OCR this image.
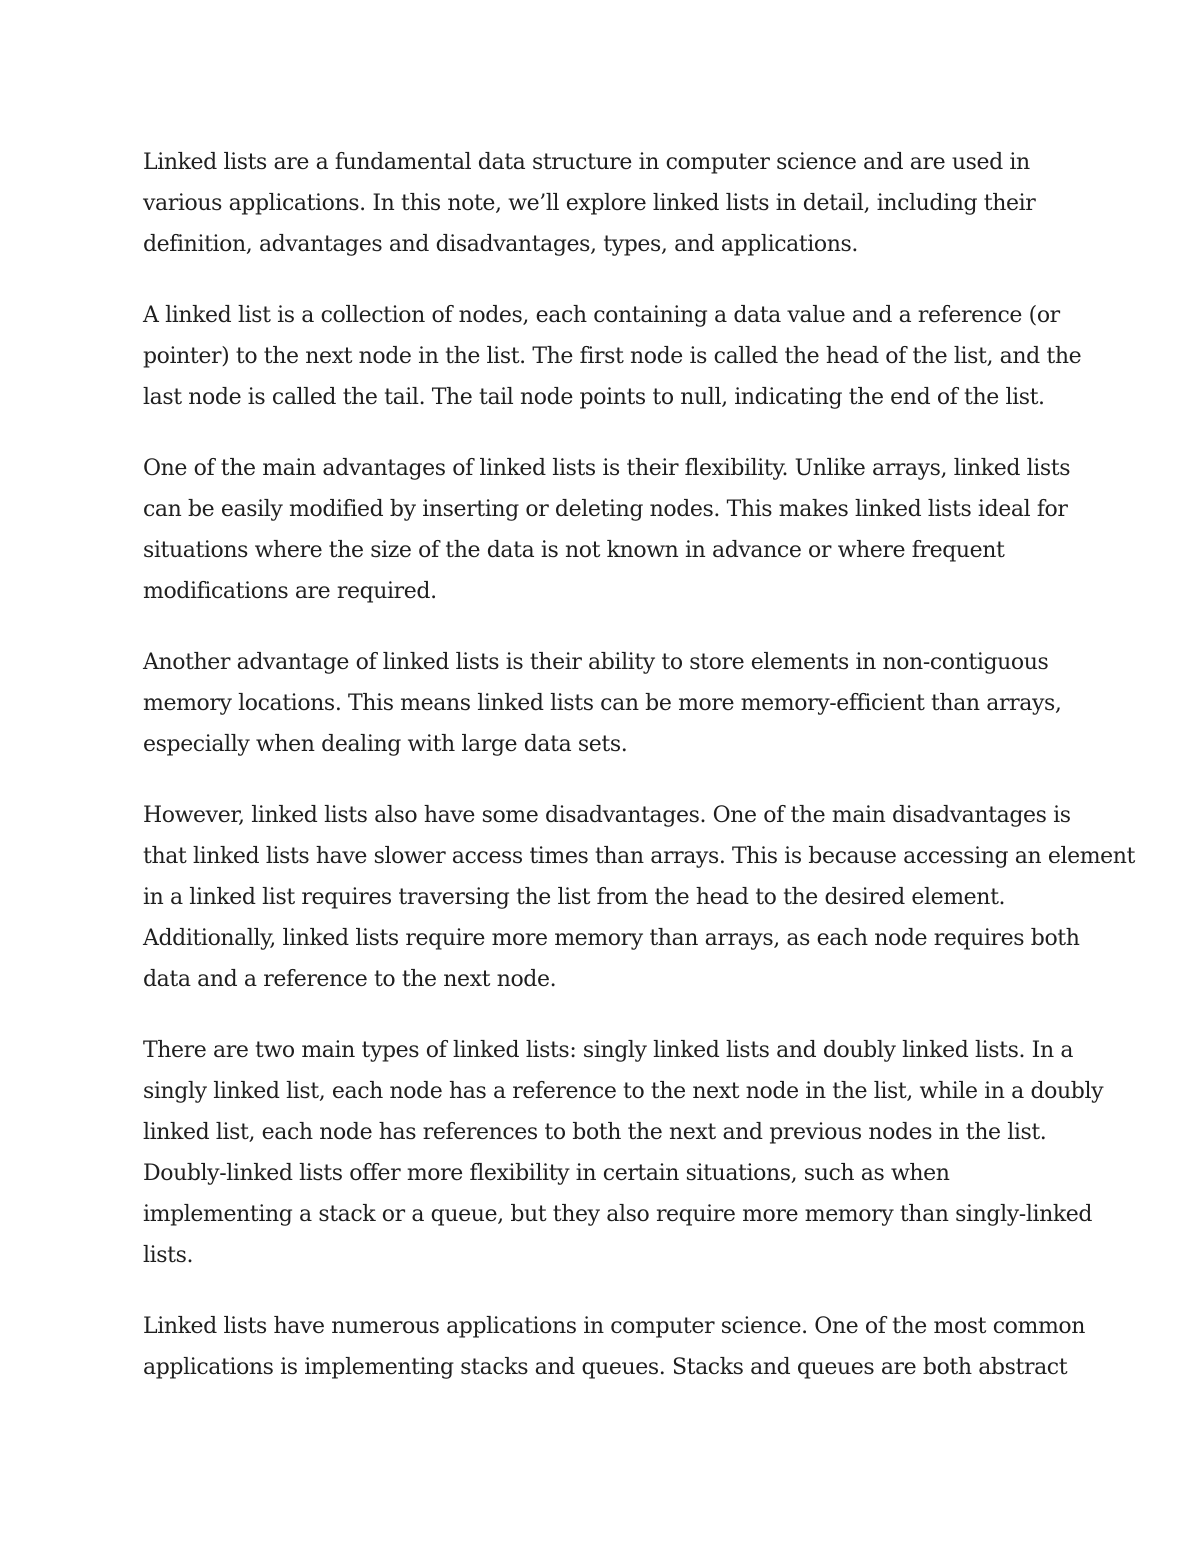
Linked lists are a fundamental data structure in computer science and are used in
various applications. In this note, we’ll explore linked lists in detail, including their
definition, advantages and disadvantages, types, and applications.

A linked list is a collection of nodes, each containing a data value and a reference (or
pointer) to the next node in the list. The first node is called the head of the list, and the
last node is called the tail. The tail node points to null, indicating the end of the list.

One of the main advantages of linked lists is their flexibility. Unlike arrays, linked lists
can be easily modified by inserting or deleting nodes. This makes linked lists ideal for
situations where the size of the data is not known in advance or where frequent
modifications are required.

Another advantage of linked lists is their ability to store elements in non-contiguous
memory locations. This means linked lists can be more memory-efficient than arrays,
especially when dealing with large data sets.

However, linked lists also have some disadvantages. One of the main disadvantages is
that linked lists have slower access times than arrays. This is because accessing an element
in a linked list requires traversing the list from the head to the desired element.
Additionally, linked lists require more memory than arrays, as each node requires both
data and a reference to the next node.

There are two main types of linked lists: singly linked lists and doubly linked lists. In a
singly linked list, each node has a reference to the next node in the list, while in a doubly
linked list, each node has references to both the next and previous nodes in the list.
Doubly-linked lists offer more flexibility in certain situations, such as when
implementing a stack or a queue, but they also require more memory than singly-linked
lists.

Linked lists have numerous applications in computer science. One of the most common
applications is implementing stacks and queues. Stacks and queues are both abstract
